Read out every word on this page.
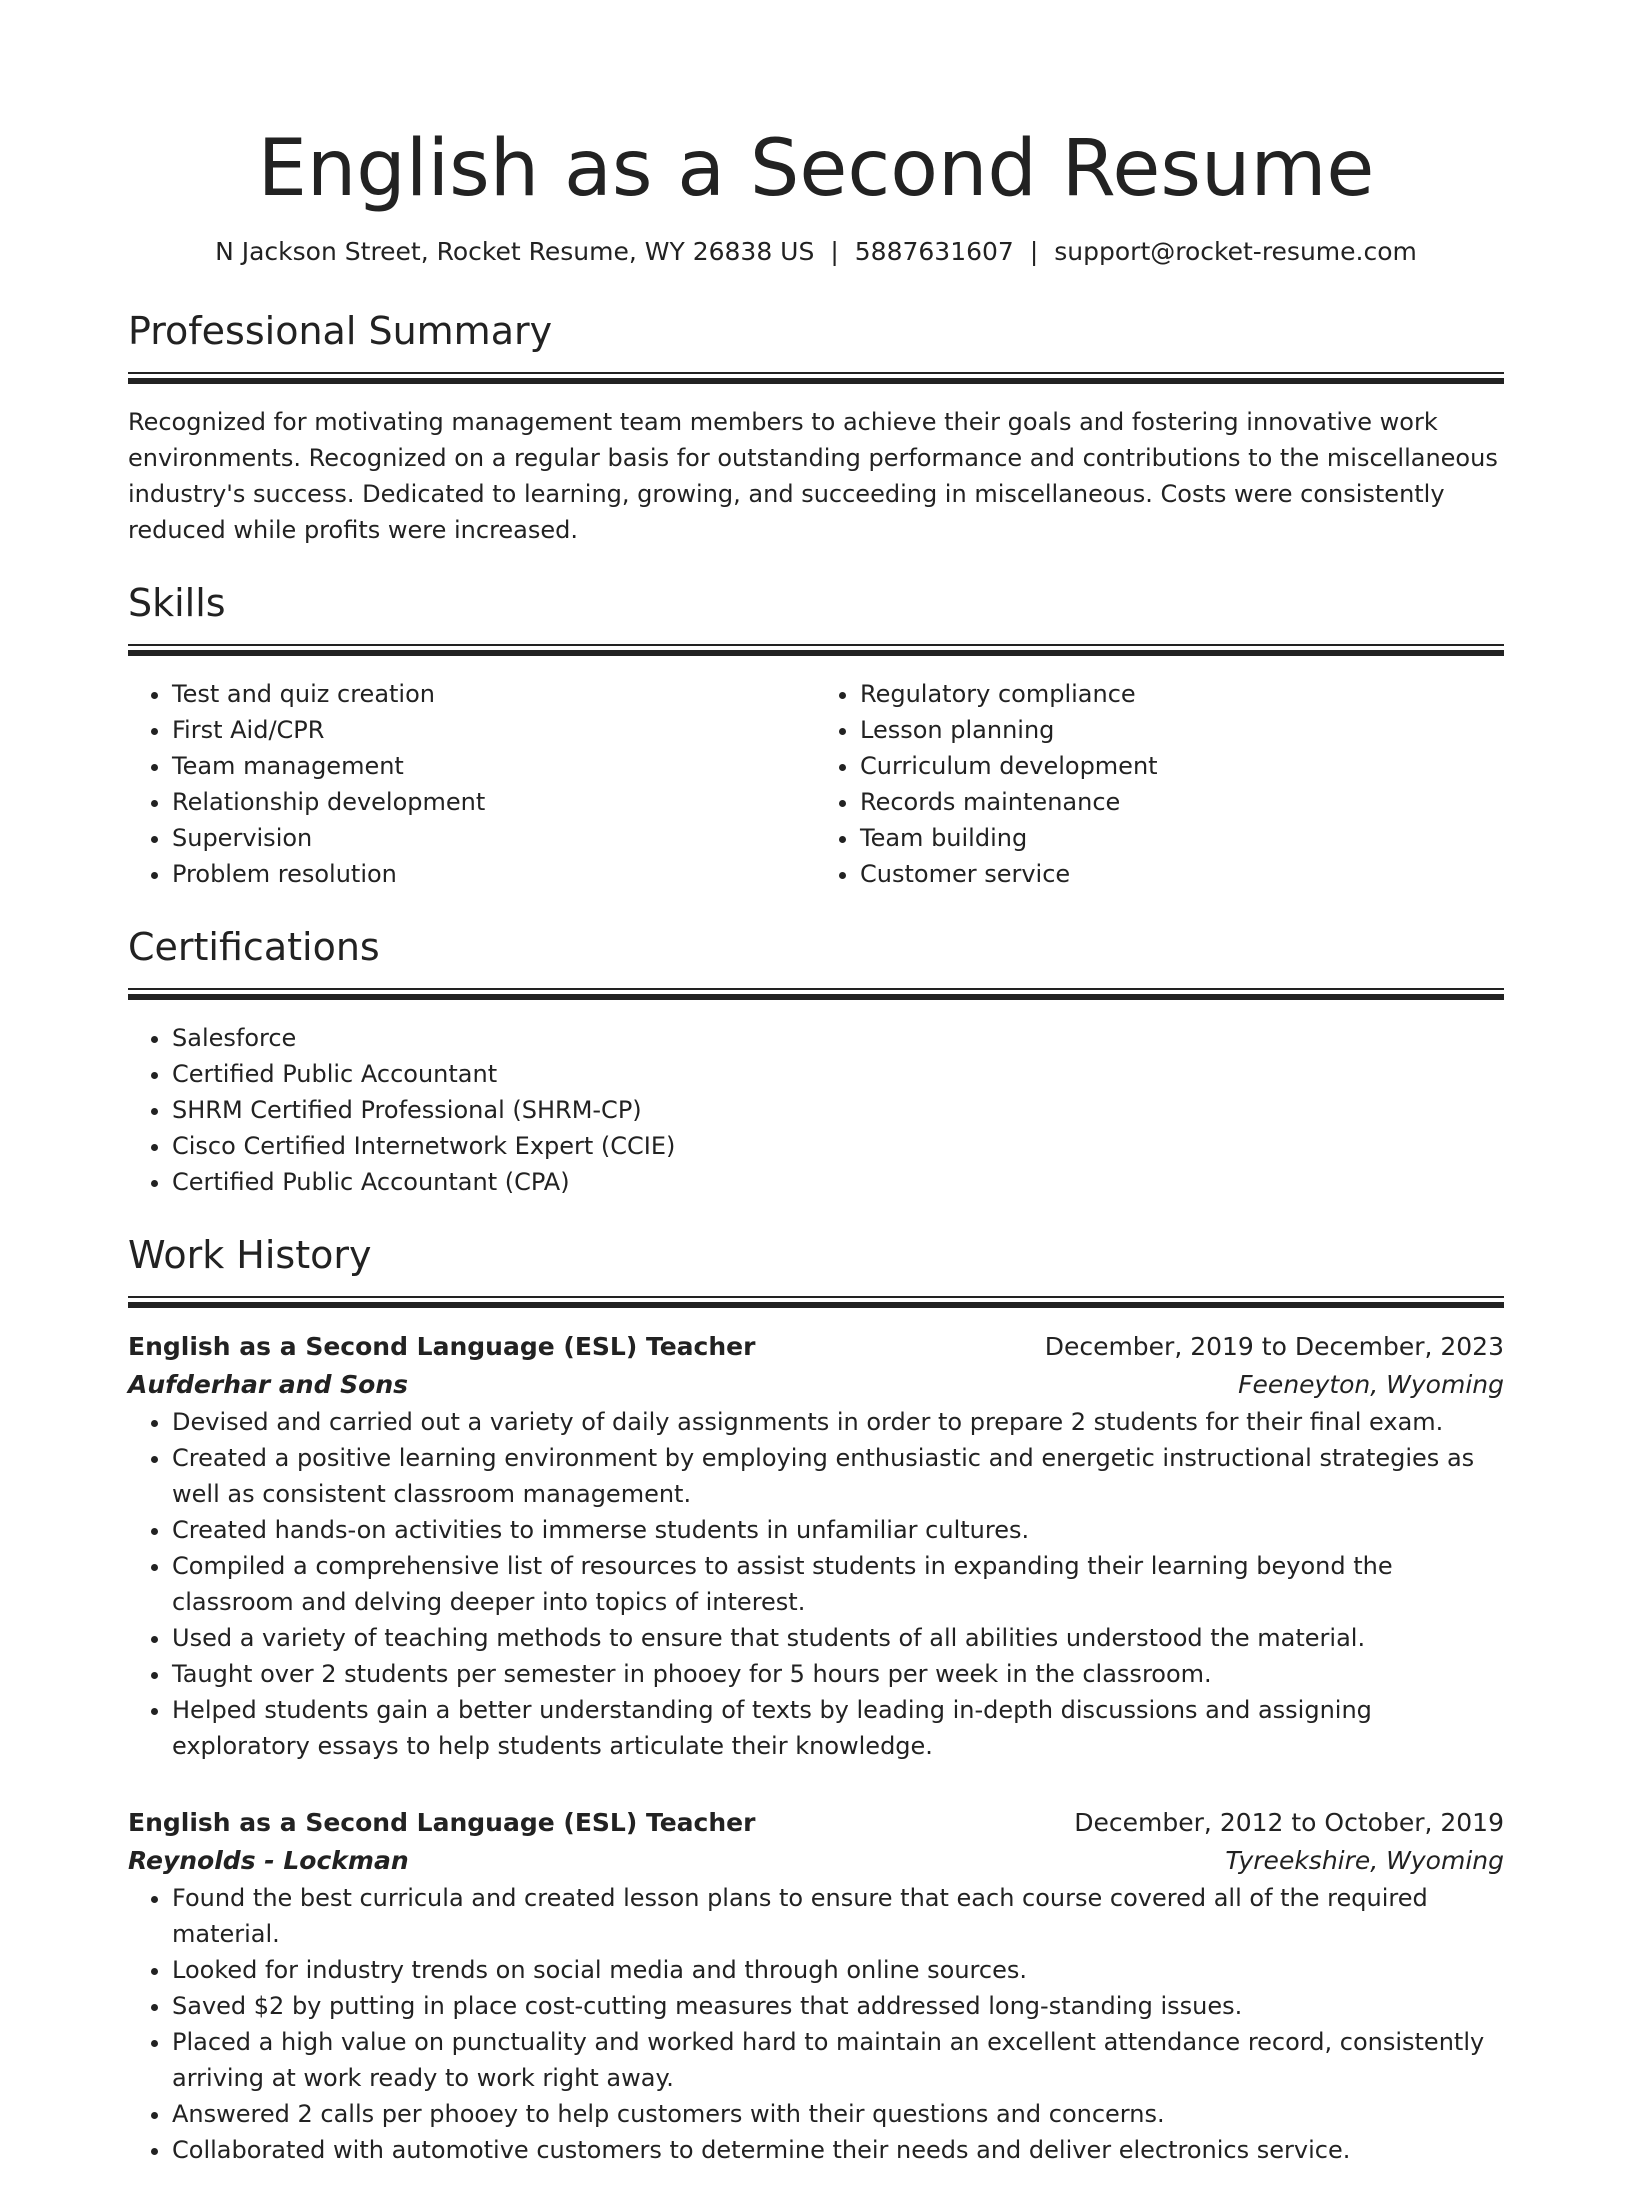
English as a Second Resume
N Jackson Street, Rocket Resume, WY 26838 US | 5887631607 | support@rocket-resume.com
Professional Summary

Recognized for motivating management team members to achieve their goals and fostering innovative work environments. Recognized on a regular basis for outstanding performance and contributions to the miscellaneous industry's success. Dedicated to learning, growing, and succeeding in miscellaneous. Costs were consistently reduced while profits were increased.

Skills
• Test and quiz creation
• First Aid/CPR
• Team management
• Relationship development
• Supervision
• Problem resolution
• Regulatory compliance
• Lesson planning
• Curriculum development
• Records maintenance
• Team building
• Customer service
Certifications
• Salesforce
• Certified Public Accountant
• SHRM Certified Professional (SHRM-CP)
• Cisco Certified Internetwork Expert (CCIE)
• Certified Public Accountant (CPA)
Work History
English as a Second Language (ESL) Teacher	December, 2019 to December, 2023
Aufderhar and Sons	Feeneyton, Wyoming
• Devised and carried out a variety of daily assignments in order to prepare 2 students for their final exam.
• Created a positive learning environment by employing enthusiastic and energetic instructional strategies as well as consistent classroom management.
• Created hands-on activities to immerse students in unfamiliar cultures.
• Compiled a comprehensive list of resources to assist students in expanding their learning beyond the classroom and delving deeper into topics of interest.
• Used a variety of teaching methods to ensure that students of all abilities understood the material.
• Taught over 2 students per semester in phooey for 5 hours per week in the classroom.
• Helped students gain a better understanding of texts by leading in-depth discussions and assigning exploratory essays to help students articulate their knowledge.
English as a Second Language (ESL) Teacher	December, 2012 to October, 2019
Reynolds - Lockman	Tyreekshire, Wyoming
• Found the best curricula and created lesson plans to ensure that each course covered all of the required material.
• Looked for industry trends on social media and through online sources.
• Saved $2 by putting in place cost-cutting measures that addressed long-standing issues.
• Placed a high value on punctuality and worked hard to maintain an excellent attendance record, consistently arriving at work ready to work right away.
• Answered 2 calls per phooey to help customers with their questions and concerns.
• Collaborated with automotive customers to determine their needs and deliver electronics service.
